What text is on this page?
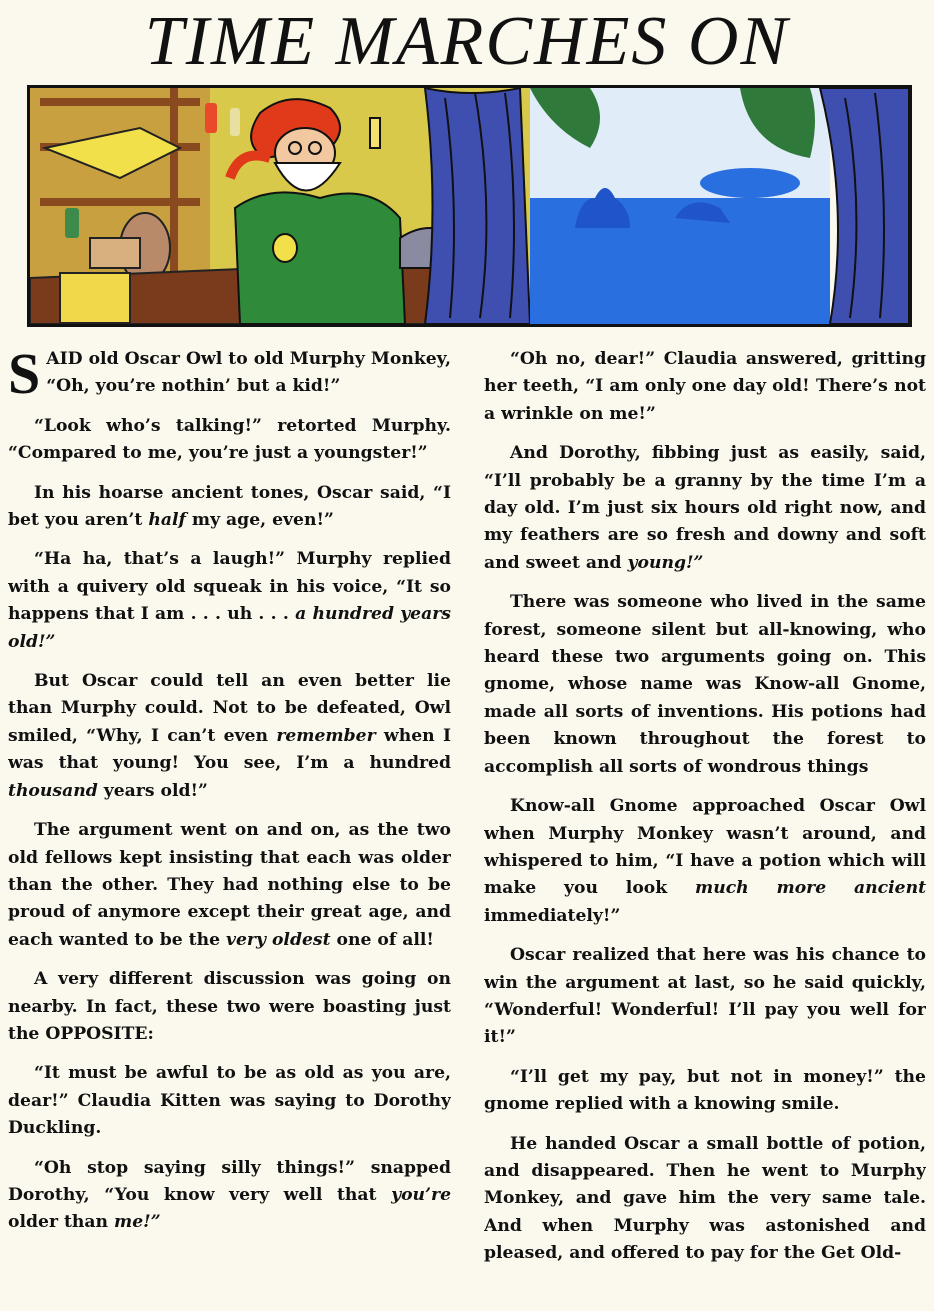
TIME MARCHES ON

SAID old Oscar Owl to old Murphy Monkey, “Oh, you’re nothin’ but a kid!”

“Look who’s talking!” retorted Murphy. “Compared to me, you’re just a youngster!”

In his hoarse ancient tones, Oscar said, “I bet you aren’t half my age, even!”

“Ha ha, that’s a laugh!” Murphy replied with a quivery old squeak in his voice, “It so happens that I am . . . uh . . . a hundred years old!”

But Oscar could tell an even better lie than Murphy could. Not to be defeated, Owl smiled, “Why, I can’t even remember when I was that young! You see, I’m a hundred thousand years old!”

The argument went on and on, as the two old fellows kept insisting that each was older than the other. They had nothing else to be proud of anymore except their great age, and each wanted to be the very oldest one of all!

A very different discussion was going on nearby. In fact, these two were boasting just the OPPOSITE:

“It must be awful to be as old as you are, dear!” Claudia Kitten was saying to Dorothy Duckling.

“Oh stop saying silly things!” snapped Dorothy, “You know very well that you’re older than me!”

“Oh no, dear!” Claudia answered, gritting her teeth, “I am only one day old! There’s not a wrinkle on me!”

And Dorothy, fibbing just as easily, said, “I’ll probably be a granny by the time I’m a day old. I’m just six hours old right now, and my feathers are so fresh and downy and soft and sweet and young!”

There was someone who lived in the same forest, someone silent but all-knowing, who heard these two arguments going on. This gnome, whose name was Know-all Gnome, made all sorts of inventions. His potions had been known throughout the forest to accomplish all sorts of wondrous things

Know-all Gnome approached Oscar Owl when Murphy Monkey wasn’t around, and whispered to him, “I have a potion which will make you look much more ancient immediately!”

Oscar realized that here was his chance to win the argument at last, so he said quickly, “Wonderful! Wonderful! I’ll pay you well for it!”

“I’ll get my pay, but not in money!” the gnome replied with a knowing smile.

He handed Oscar a small bottle of potion, and disappeared. Then he went to Murphy Monkey, and gave him the very same tale. And when Murphy was astonished and pleased, and offered to pay for the Get Old-
